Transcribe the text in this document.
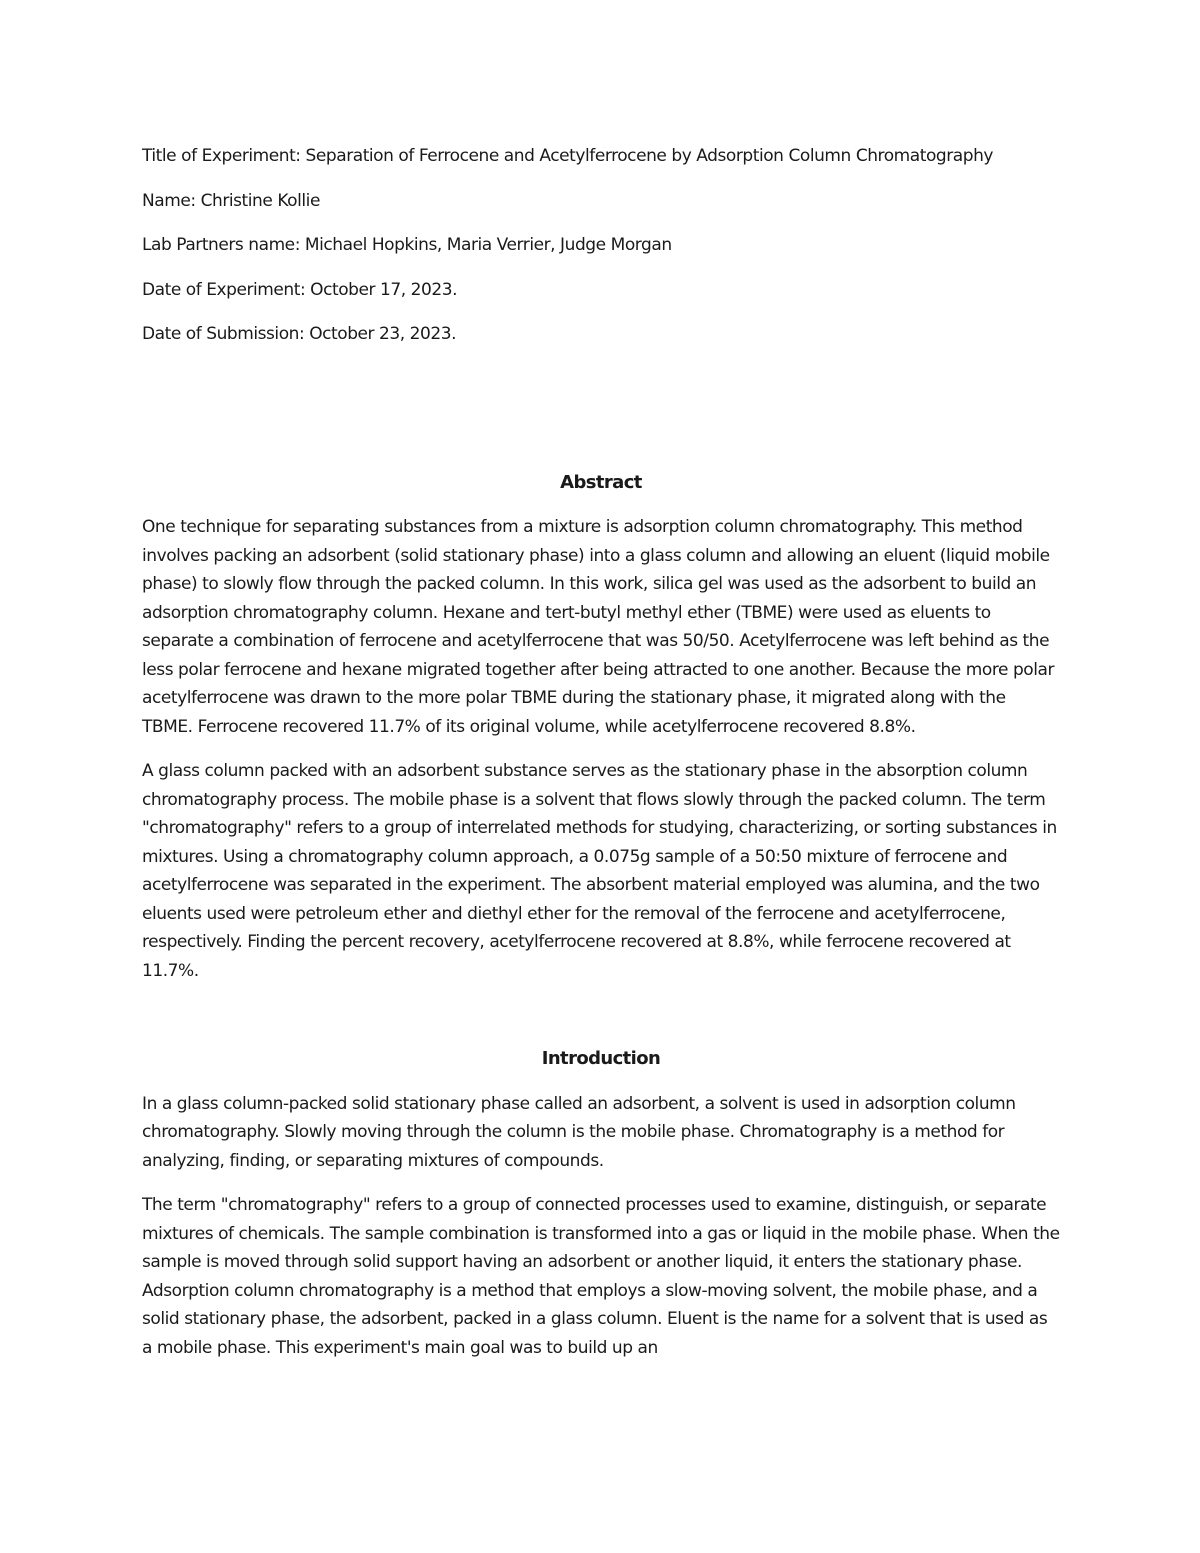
Title of Experiment: Separation of Ferrocene and Acetylferrocene by Adsorption Column Chromatography

Name: Christine Kollie

Lab Partners name: Michael Hopkins, Maria Verrier, Judge Morgan

Date of Experiment: October 17, 2023.

Date of Submission: October 23, 2023.

Abstract

One technique for separating substances from a mixture is adsorption column chromatography. This method involves packing an adsorbent (solid stationary phase) into a glass column and allowing an eluent (liquid mobile phase) to slowly flow through the packed column. In this work, silica gel was used as the adsorbent to build an adsorption chromatography column. Hexane and tert-butyl methyl ether (TBME) were used as eluents to separate a combination of ferrocene and acetylferrocene that was 50/50. Acetylferrocene was left behind as the less polar ferrocene and hexane migrated together after being attracted to one another. Because the more polar acetylferrocene was drawn to the more polar TBME during the stationary phase, it migrated along with the TBME. Ferrocene recovered 11.7% of its original volume, while acetylferrocene recovered 8.8%.

A glass column packed with an adsorbent substance serves as the stationary phase in the absorption column chromatography process. The mobile phase is a solvent that flows slowly through the packed column. The term "chromatography" refers to a group of interrelated methods for studying, characterizing, or sorting substances in mixtures. Using a chromatography column approach, a 0.075g sample of a 50:50 mixture of ferrocene and acetylferrocene was separated in the experiment. The absorbent material employed was alumina, and the two eluents used were petroleum ether and diethyl ether for the removal of the ferrocene and acetylferrocene, respectively. Finding the percent recovery, acetylferrocene recovered at 8.8%, while ferrocene recovered at 11.7%.

Introduction

In a glass column-packed solid stationary phase called an adsorbent, a solvent is used in adsorption column chromatography. Slowly moving through the column is the mobile phase. Chromatography is a method for analyzing, finding, or separating mixtures of compounds.

The term "chromatography" refers to a group of connected processes used to examine, distinguish, or separate mixtures of chemicals. The sample combination is transformed into a gas or liquid in the mobile phase. When the sample is moved through solid support having an adsorbent or another liquid, it enters the stationary phase. Adsorption column chromatography is a method that employs a slow-moving solvent, the mobile phase, and a solid stationary phase, the adsorbent, packed in a glass column. Eluent is the name for a solvent that is used as a mobile phase. This experiment's main goal was to build up an
